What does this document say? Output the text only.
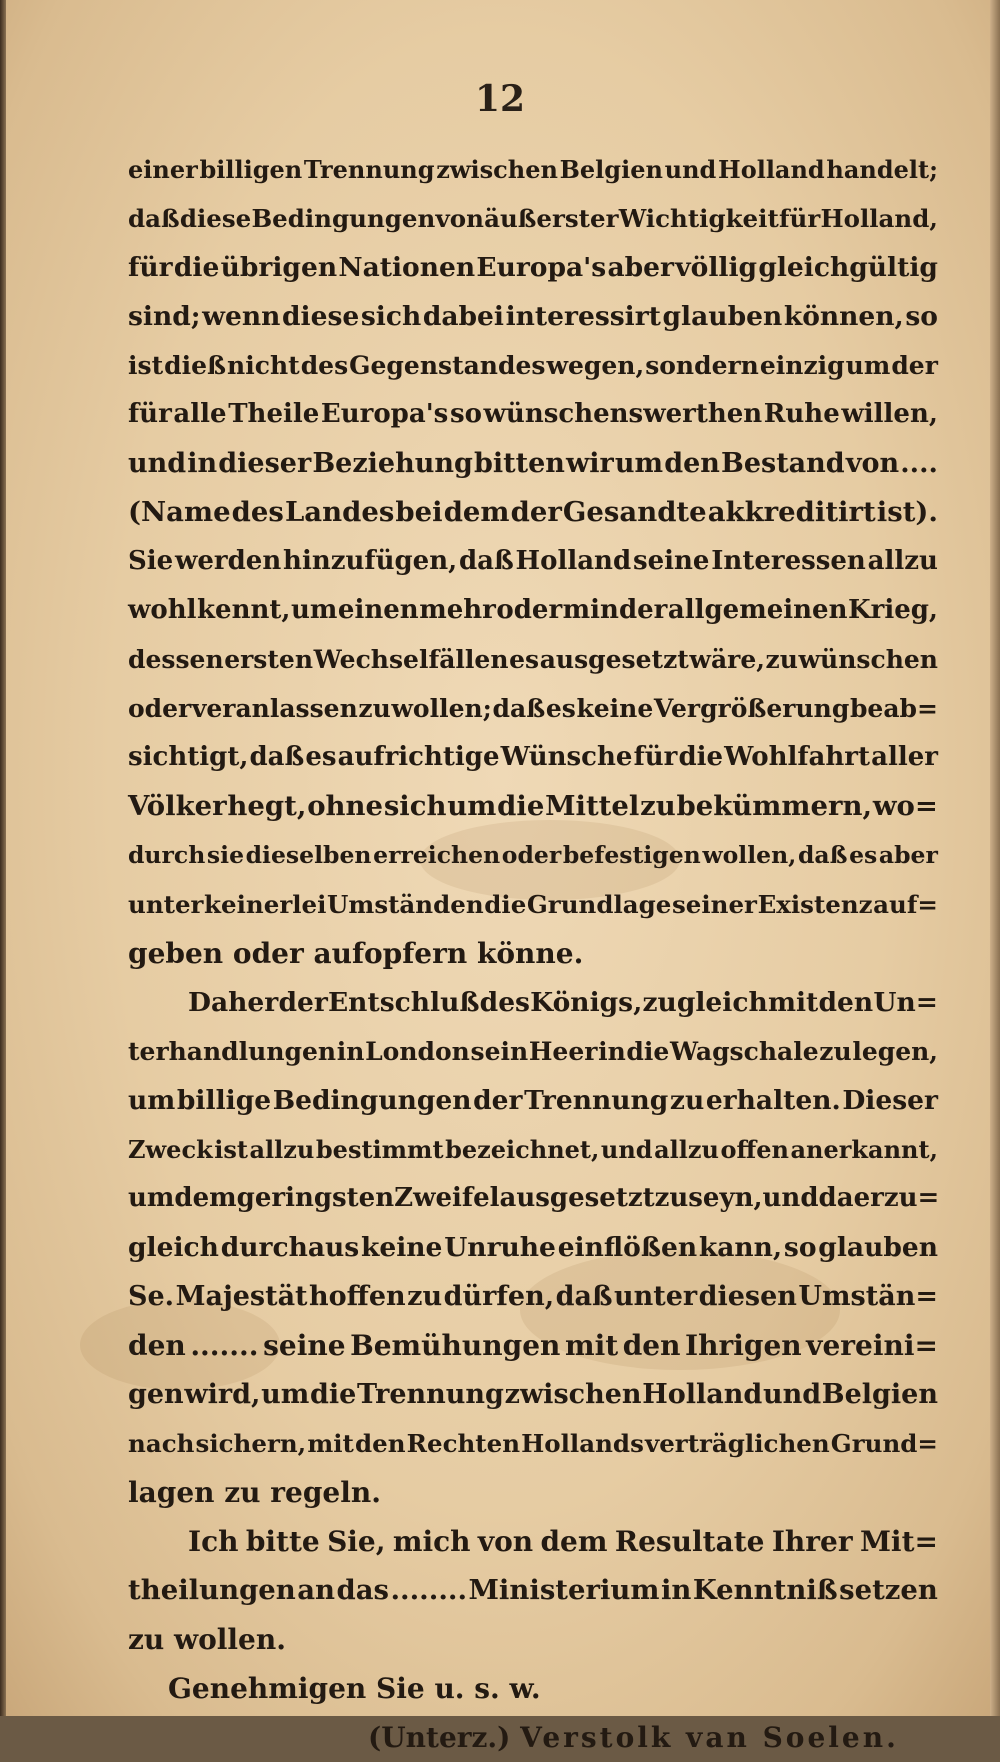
12
einer billigen Trennung zwischen Belgien und Holland handelt;
daß diese Bedingungen von äußerster Wichtigkeit für Holland,
für die übrigen Nationen Europa's aber völlig gleichgültig
sind; wenn diese sich dabei interessirt glauben können, so
ist dieß nicht des Gegenstandes wegen, sondern einzig um der
für alle Theile Europa's so wünschenswerthen Ruhe willen,
und in dieser Beziehung bitten wir um den Bestand von ....
(Name des Landes bei dem der Gesandte akkreditirt ist).
Sie werden hinzufügen, daß Holland seine Interessen allzu
wohl kennt, um einen mehr oder minder allgemeinen Krieg,
dessen ersten Wechselfällen es ausgesetzt wäre, zu wünschen
oder veranlassen zu wollen; daß es keine Vergrößerung beab=
sichtigt, daß es aufrichtige Wünsche für die Wohlfahrt aller
Völker hegt, ohne sich um die Mittel zu bekümmern, wo=
durch sie dieselben erreichen oder befestigen wollen, daß es aber
unter keinerlei Umständen die Grundlage seiner Existenz auf=
geben oder aufopfern könne.
Daher der Entschluß des Königs, zugleich mit den Un=
terhandlungen in London sein Heer in die Wagschale zu legen,
um billige Bedingungen der Trennung zu erhalten. Dieser
Zweck ist allzu bestimmt bezeichnet, und allzu offen anerkannt,
um dem geringsten Zweifel ausgesetzt zu seyn, und da er zu=
gleich durchaus keine Unruhe einflößen kann, so glauben
Se. Majestät hoffen zu dürfen, daß unter diesen Umstän=
den ....... seine Bemühungen mit den Ihrigen vereini=
gen wird, um die Trennung zwischen Holland und Belgien
nach sichern, mit den Rechten Hollands verträglichen Grund=
lagen zu regeln.
Ich bitte Sie, mich von dem Resultate Ihrer Mit=
theilungen an das ........ Ministerium in Kenntniß setzen
zu wollen.
Genehmigen Sie u. s. w.
(Unterz.) Verstolk van Soelen.
